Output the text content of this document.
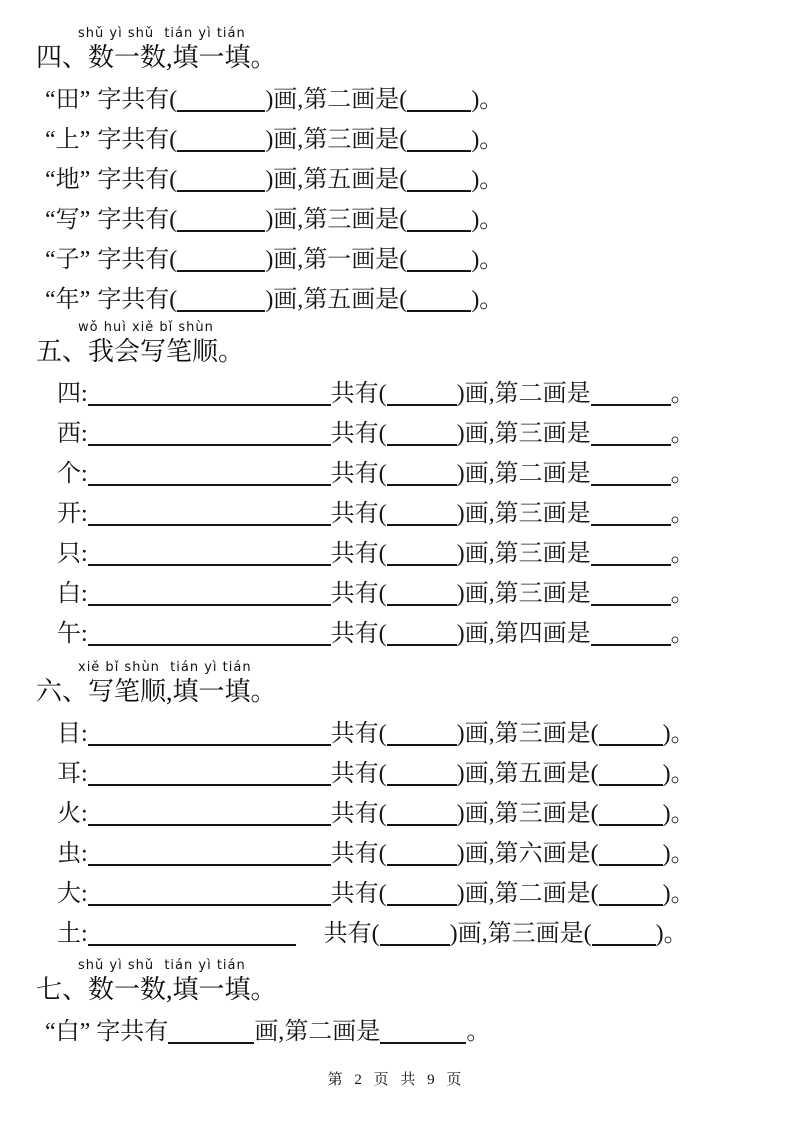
shǔ yì shǔ  tián yì tián
四、数一数,填一填。
“田” 字共有(	)画,第二画是(	)。
“上” 字共有(	)画,第三画是(	)。
“地” 字共有(	)画,第五画是(	)。
“写” 字共有(	)画,第三画是(	)。
“子” 字共有(	)画,第一画是(	)。
“年” 字共有(	)画,第五画是(	)。
wǒ huì xiě bǐ shùn
五、我会写笔顺。
四:	共有(	)画,第二画是	。
西:	共有(	)画,第三画是	。
个:	共有(	)画,第二画是	。
开:	共有(	)画,第三画是	。
只:	共有(	)画,第三画是	。
白:	共有(	)画,第三画是	。
午:	共有(	)画,第四画是	。
xiě bǐ shùn  tián yì tián
六、写笔顺,填一填。
目:	共有(	)画,第三画是(	)。
耳:	共有(	)画,第五画是(	)。
火:	共有(	)画,第三画是(	)。
虫:	共有(	)画,第六画是(	)。
大:	共有(	)画,第二画是(	)。
土:	共有(	)画,第三画是(	)。
shǔ yì shǔ  tián yì tián
七、数一数,填一填。
“白” 字共有	画,第二画是	。
第 2 页 共 9 页
